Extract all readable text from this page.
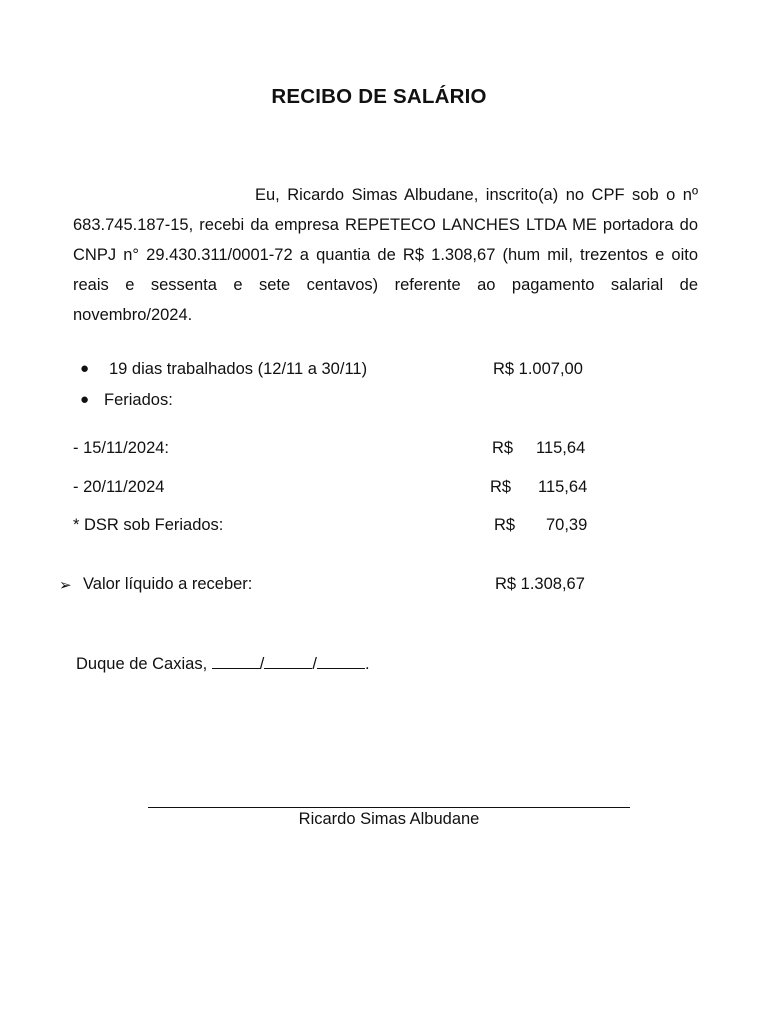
RECIBO DE SALÁRIO
Eu, Ricardo Simas Albudane, inscrito(a) no CPF sob o nº 683.745.187-15, recebi da empresa REPETECO LANCHES LTDA ME portadora do CNPJ n° 29.430.311/0001-72 a quantia de R$ 1.308,67 (hum mil, trezentos e oito reais e sessenta e sete centavos) referente ao pagamento salarial de novembro/2024.
● 19 dias trabalhados (12/11 a 30/11)	R$ 1.007,00
● Feriados:
- 15/11/2024:	R$ 115,64
- 20/11/2024	R$ 115,64
* DSR sob Feriados:	R$ 70,39
➢ Valor líquido a receber:	R$ 1.308,67
Duque de Caxias,	/	/	.
Ricardo Simas Albudane
